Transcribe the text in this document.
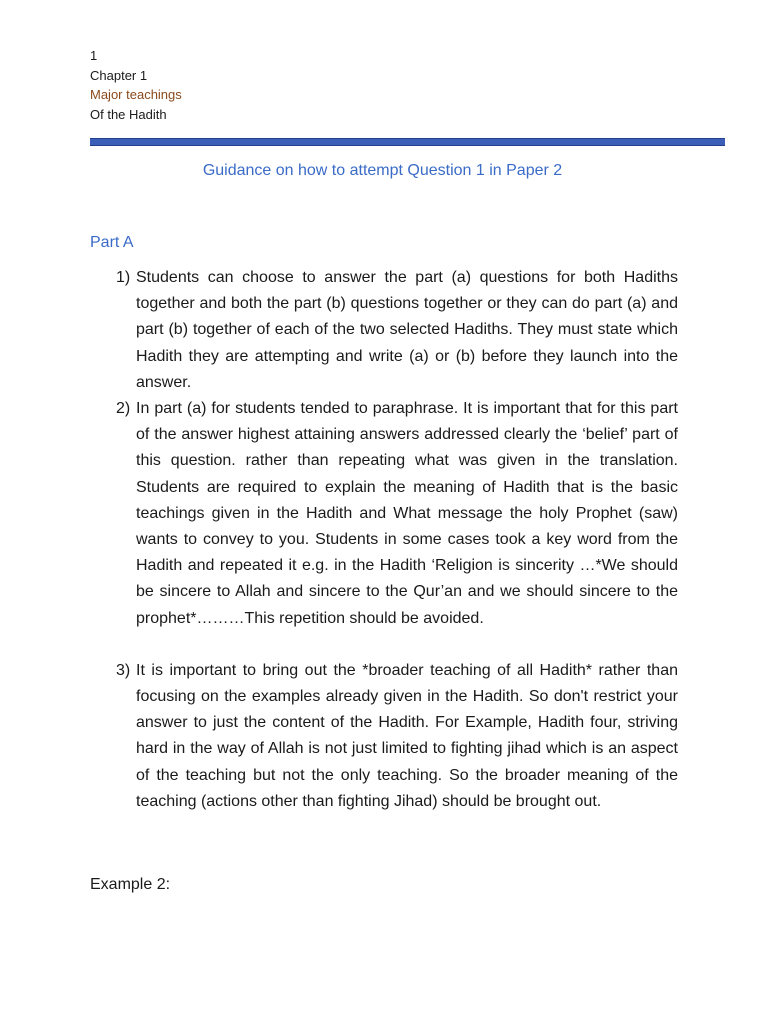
1
Chapter 1
Major teachings
Of the Hadith
Guidance on how to attempt Question 1 in Paper 2
Part A
1) Students can choose to answer the part (a) questions for both Hadiths together and both the part (b) questions together or they can do part (a) and part (b) together of each of the two selected Hadiths. They must state which Hadith they are attempting and write (a) or (b) before they launch into the answer.
2) In part (a) for students tended to paraphrase. It is important that for this part of the answer highest attaining answers addressed clearly the ‘belief’ part of this question. rather than repeating what was given in the translation. Students are required to explain the meaning of Hadith that is the basic teachings given in the Hadith and What message the holy Prophet (saw) wants to convey to you. Students in some cases took a key word from the Hadith and repeated it e.g. in the Hadith ‘Religion is sincerity …*We should be sincere to Allah and sincere to the Qur’an and we should sincere to the prophet*………This repetition should be avoided.
3) It is important to bring out the *broader teaching of all Hadith* rather than focusing on the examples already given in the Hadith. So don't restrict your answer to just the content of the Hadith. For Example, Hadith four, striving hard in the way of Allah is not just limited to fighting jihad which is an aspect of the teaching but not the only teaching. So the broader meaning of the teaching (actions other than fighting Jihad) should be brought out.
Example 2:
